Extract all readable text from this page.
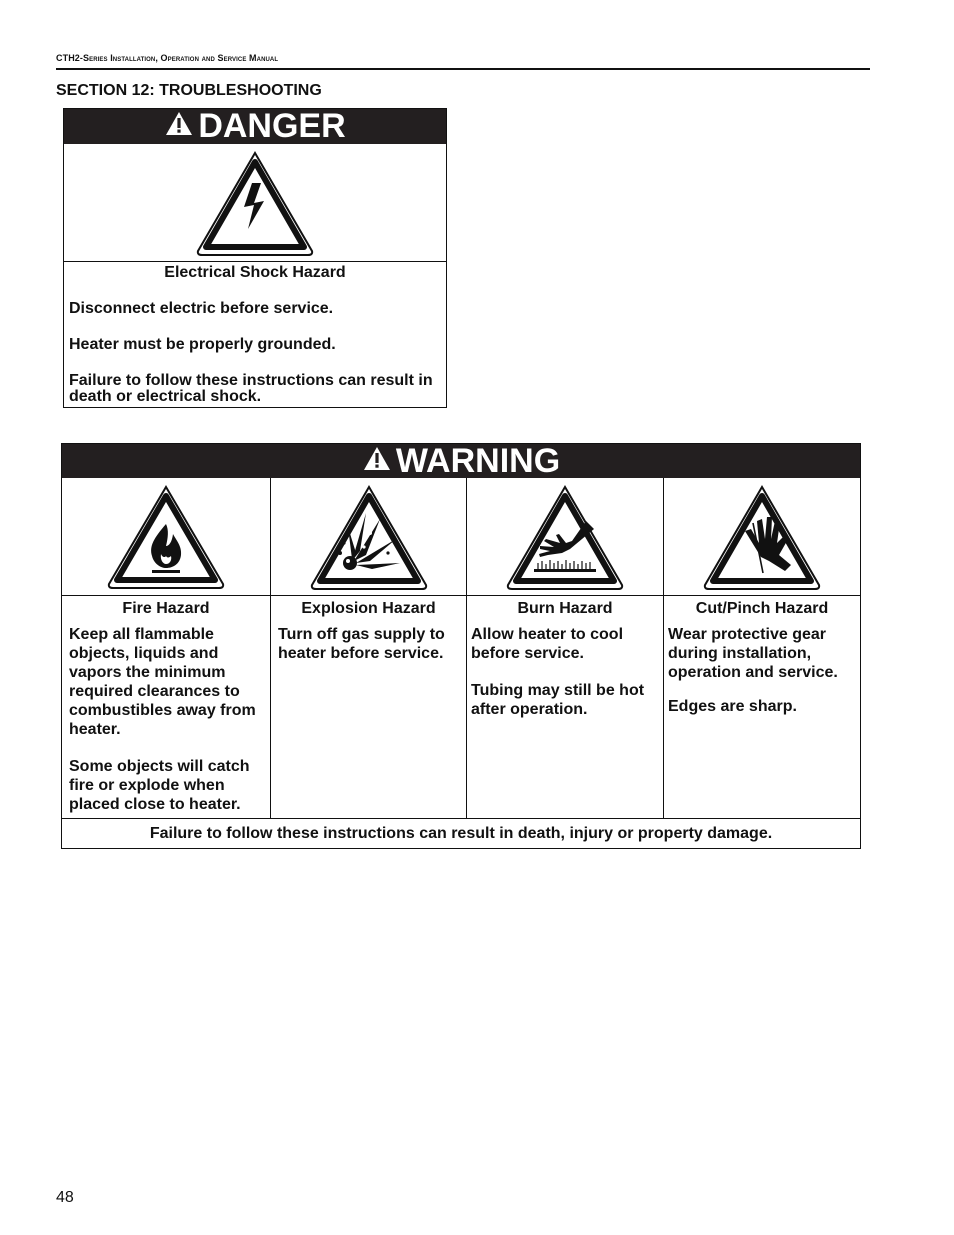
CTH2-Series Installation, Operation and Service Manual
SECTION 12: TROUBLESHOOTING
DANGER
Electrical Shock Hazard

Disconnect electric before service.

Heater must be properly grounded.

Failure to follow these instructions can result in death or electrical shock.

WARNING
Fire Hazard

Keep all flammable objects, liquids and vapors the minimum required clearances to combustibles away from heater.

Some objects will catch fire or explode when placed close to heater.

Explosion Hazard

Turn off gas supply to heater before service.

Burn Hazard

Allow heater to cool before service.

Tubing may still be hot after operation.

Cut/Pinch Hazard

Wear protective gear during installation, operation and service.

Edges are sharp.

Failure to follow these instructions can result in death, injury or property damage.
48
